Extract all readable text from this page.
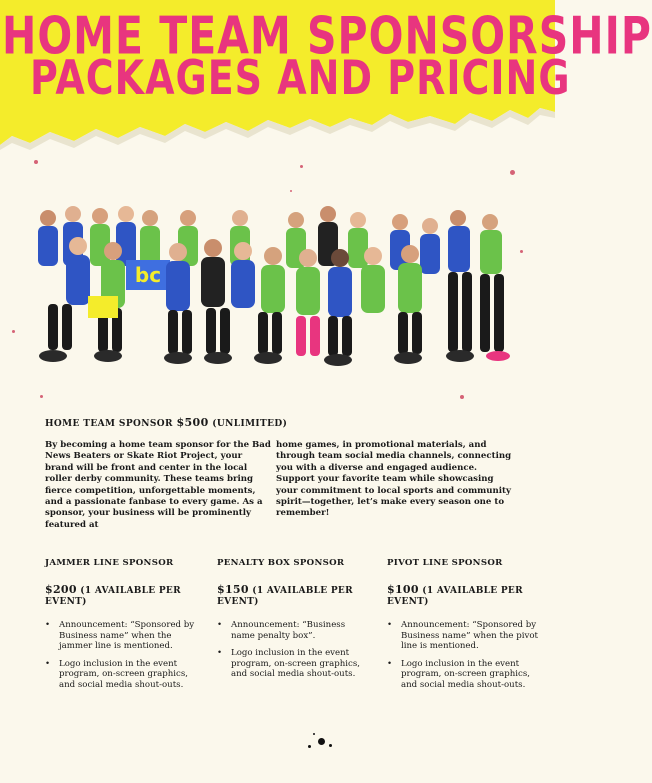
HOME TEAM SPONSORSHIP
PACKAGES AND PRICING
bc
HOME TEAM SPONSOR $500 (UNLIMITED)

By becoming a home team sponsor for the Bad News Beaters or Skate Riot Project, your brand will be front and center in the local roller derby community. These teams bring fierce competition, unforgettable moments, and a passionate fanbase to every game. As a sponsor, your business will be prominently featured at

home games, in promotional materials, and through team social media channels, connecting you with a diverse and engaged audience. Support your favorite team while showcasing your commitment to local sports and community spirit—together, let’s make every season one to remember!

JAMMER LINE SPONSOR
$200 (1 AVAILABLE PER EVENT)
• Announcement: “Sponsored by Business name” when the jammer line is mentioned.
• Logo inclusion in the event program, on-screen graphics, and social media shout-outs.
PENALTY BOX SPONSOR
$150 (1 AVAILABLE PER EVENT)
• Announcement: “Business name penalty box”.
• Logo inclusion in the event program, on-screen graphics, and social media shout-outs.
PIVOT LINE SPONSOR
$100 (1 AVAILABLE PER EVENT)
• Announcement: “Sponsored by Business name” when the pivot line is mentioned.
• Logo inclusion in the event program, on-screen graphics, and social media shout-outs.
